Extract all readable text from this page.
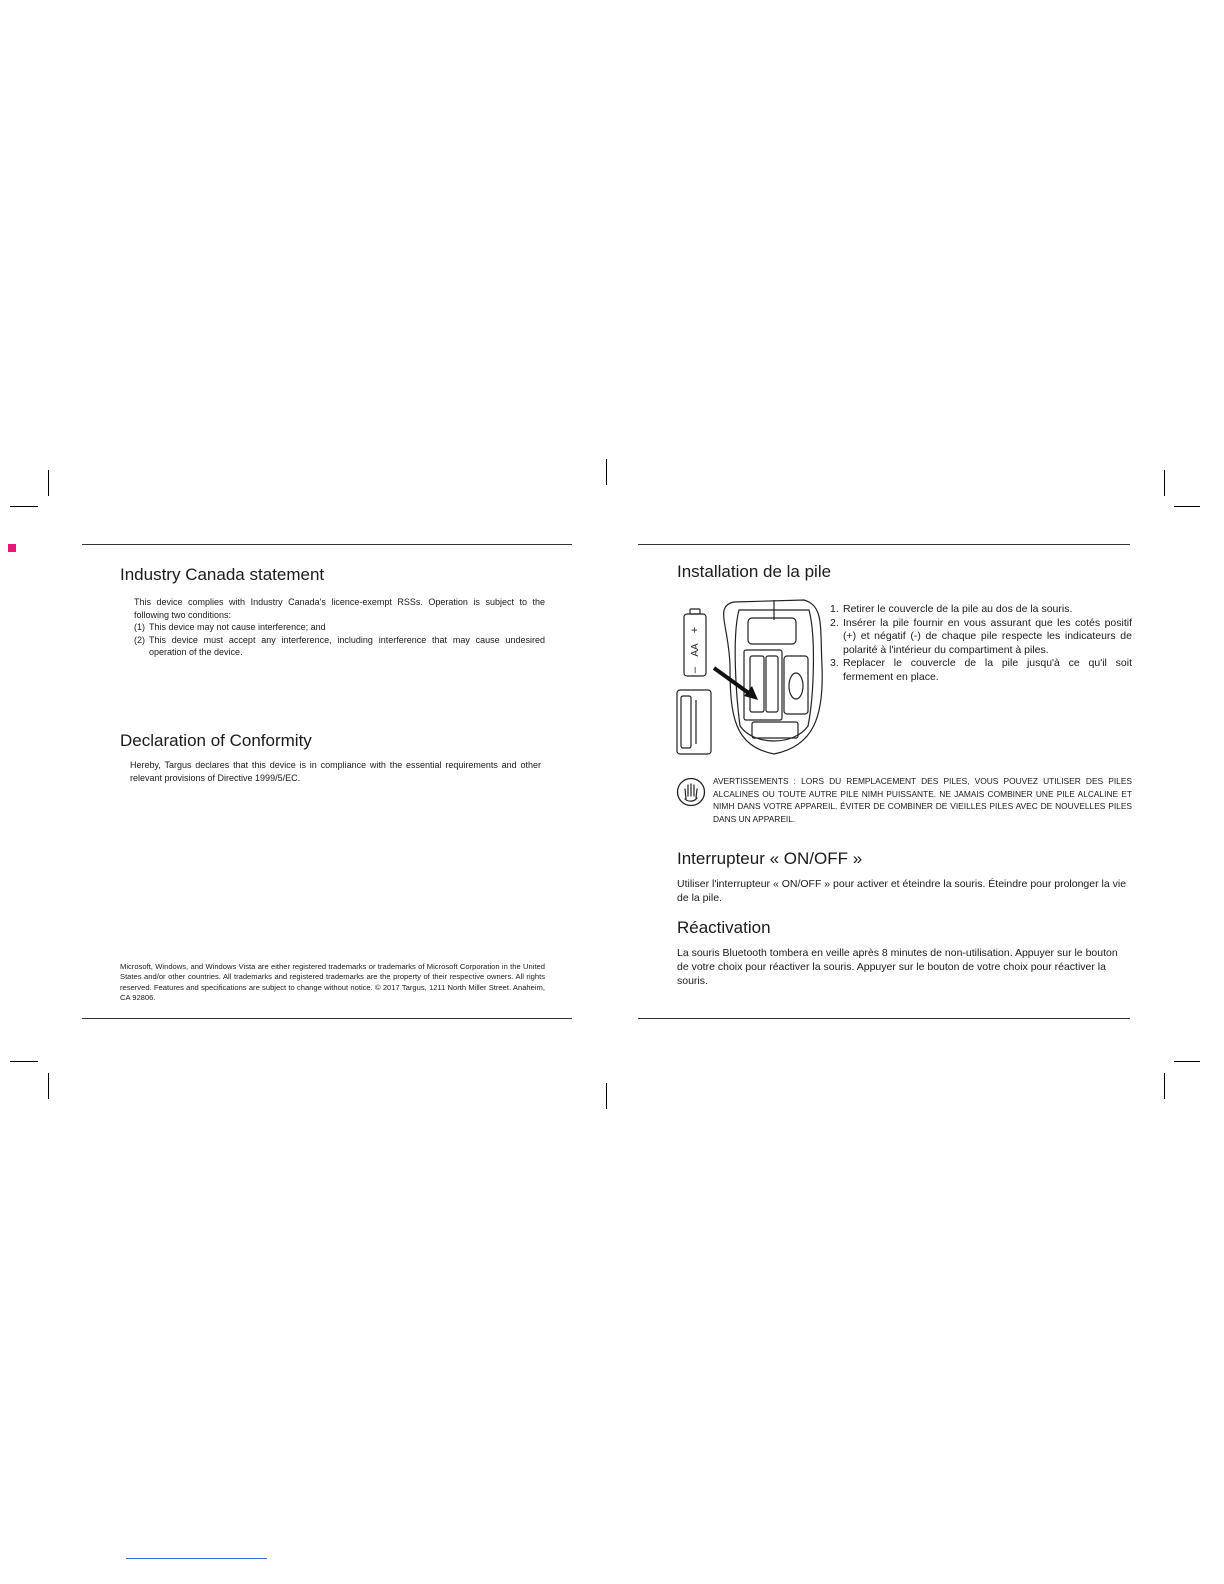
Industry Canada statement

This device complies with Industry Canada's licence-exempt RSSs. Operation is subject to the following two conditions:

(1) This device may not cause interference; and
(2) This device must accept any interference, including interference that may cause undesired operation of the device.
Declaration of Conformity

Hereby, Targus declares that this device is in compliance with the essential requirements and other relevant provisions of Directive 1999/5/EC.

Microsoft, Windows, and Windows Vista are either registered trademarks or trademarks of Microsoft Corporation in the United States and/or other countries. All trademarks and registered trademarks are the property of their respective owners. All rights reserved. Features and specifications are subject to change without notice. © 2017 Targus, 1211 North Miller Street. Anaheim, CA 92806.

Installation de la pile
+
AA
–
1. Retirer le couvercle de la pile au dos de la souris.
2. Insérer la pile fournir en vous assurant que les cotés positif (+) et négatif (-) de chaque pile respecte les indicateurs de polarité à l'intérieur du compartiment à piles.
3. Replacer le couvercle de la pile jusqu'à ce qu'il soit fermement en place.

AVERTISSEMENTS : LORS DU REMPLACEMENT DES PILES, VOUS POUVEZ UTILISER DES PILES ALCALINES OU TOUTE AUTRE PILE NIMH PUISSANTE. NE JAMAIS COMBINER UNE PILE ALCALINE ET NIMH DANS VOTRE APPAREIL. ÉVITER DE COMBINER DE VIEILLES PILES AVEC DE NOUVELLES PILES DANS UN APPAREIL.

Interrupteur « ON/OFF »

Utiliser l'interrupteur « ON/OFF » pour activer et éteindre la souris. Éteindre pour prolonger la vie de la pile.

Réactivation

La souris Bluetooth tombera en veille après 8 minutes de non-utilisation. Appuyer sur le bouton de votre choix pour réactiver la souris. Appuyer sur le bouton de votre choix pour réactiver la souris.
